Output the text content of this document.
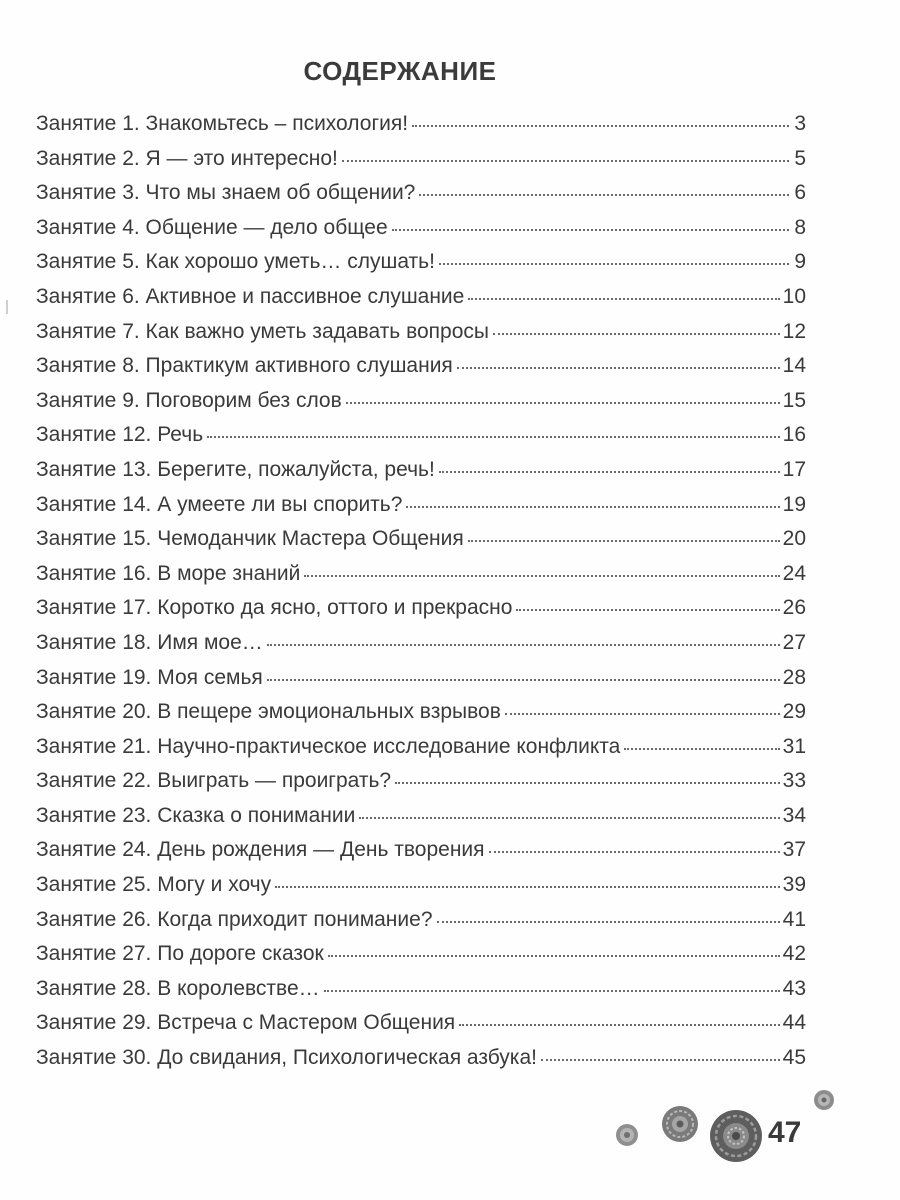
СОДЕРЖАНИЕ
Занятие 1. Знакомьтесь – психология!	3
Занятие 2. Я — это интересно!	5
Занятие 3. Что мы знаем об общении?	6
Занятие 4. Общение — дело общее	8
Занятие 5. Как хорошо уметь… слушать!	9
Занятие 6. Активное и пассивное слушание	10
Занятие 7. Как важно уметь задавать вопросы	12
Занятие 8. Практикум активного слушания	14
Занятие 9. Поговорим без слов	15
Занятие 12. Речь	16
Занятие 13. Берегите, пожалуйста, речь!	17
Занятие 14. А умеете ли вы спорить?	19
Занятие 15. Чемоданчик Мастера Общения	20
Занятие 16. В море знаний	24
Занятие 17. Коротко да ясно, оттого и прекрасно	26
Занятие 18. Имя мое…	27
Занятие 19. Моя семья	28
Занятие 20. В пещере эмоциональных взрывов	29
Занятие 21. Научно-практическое исследование конфликта	31
Занятие 22. Выиграть — проиграть?	33
Занятие 23. Сказка о понимании	34
Занятие 24. День рождения — День творения	37
Занятие 25. Могу и хочу	39
Занятие 26. Когда приходит понимание?	41
Занятие 27. По дороге сказок	42
Занятие 28. В королевстве…	43
Занятие 29. Встреча с Мастером Общения	44
Занятие 30. До свидания, Психологическая азбука!	45
47
